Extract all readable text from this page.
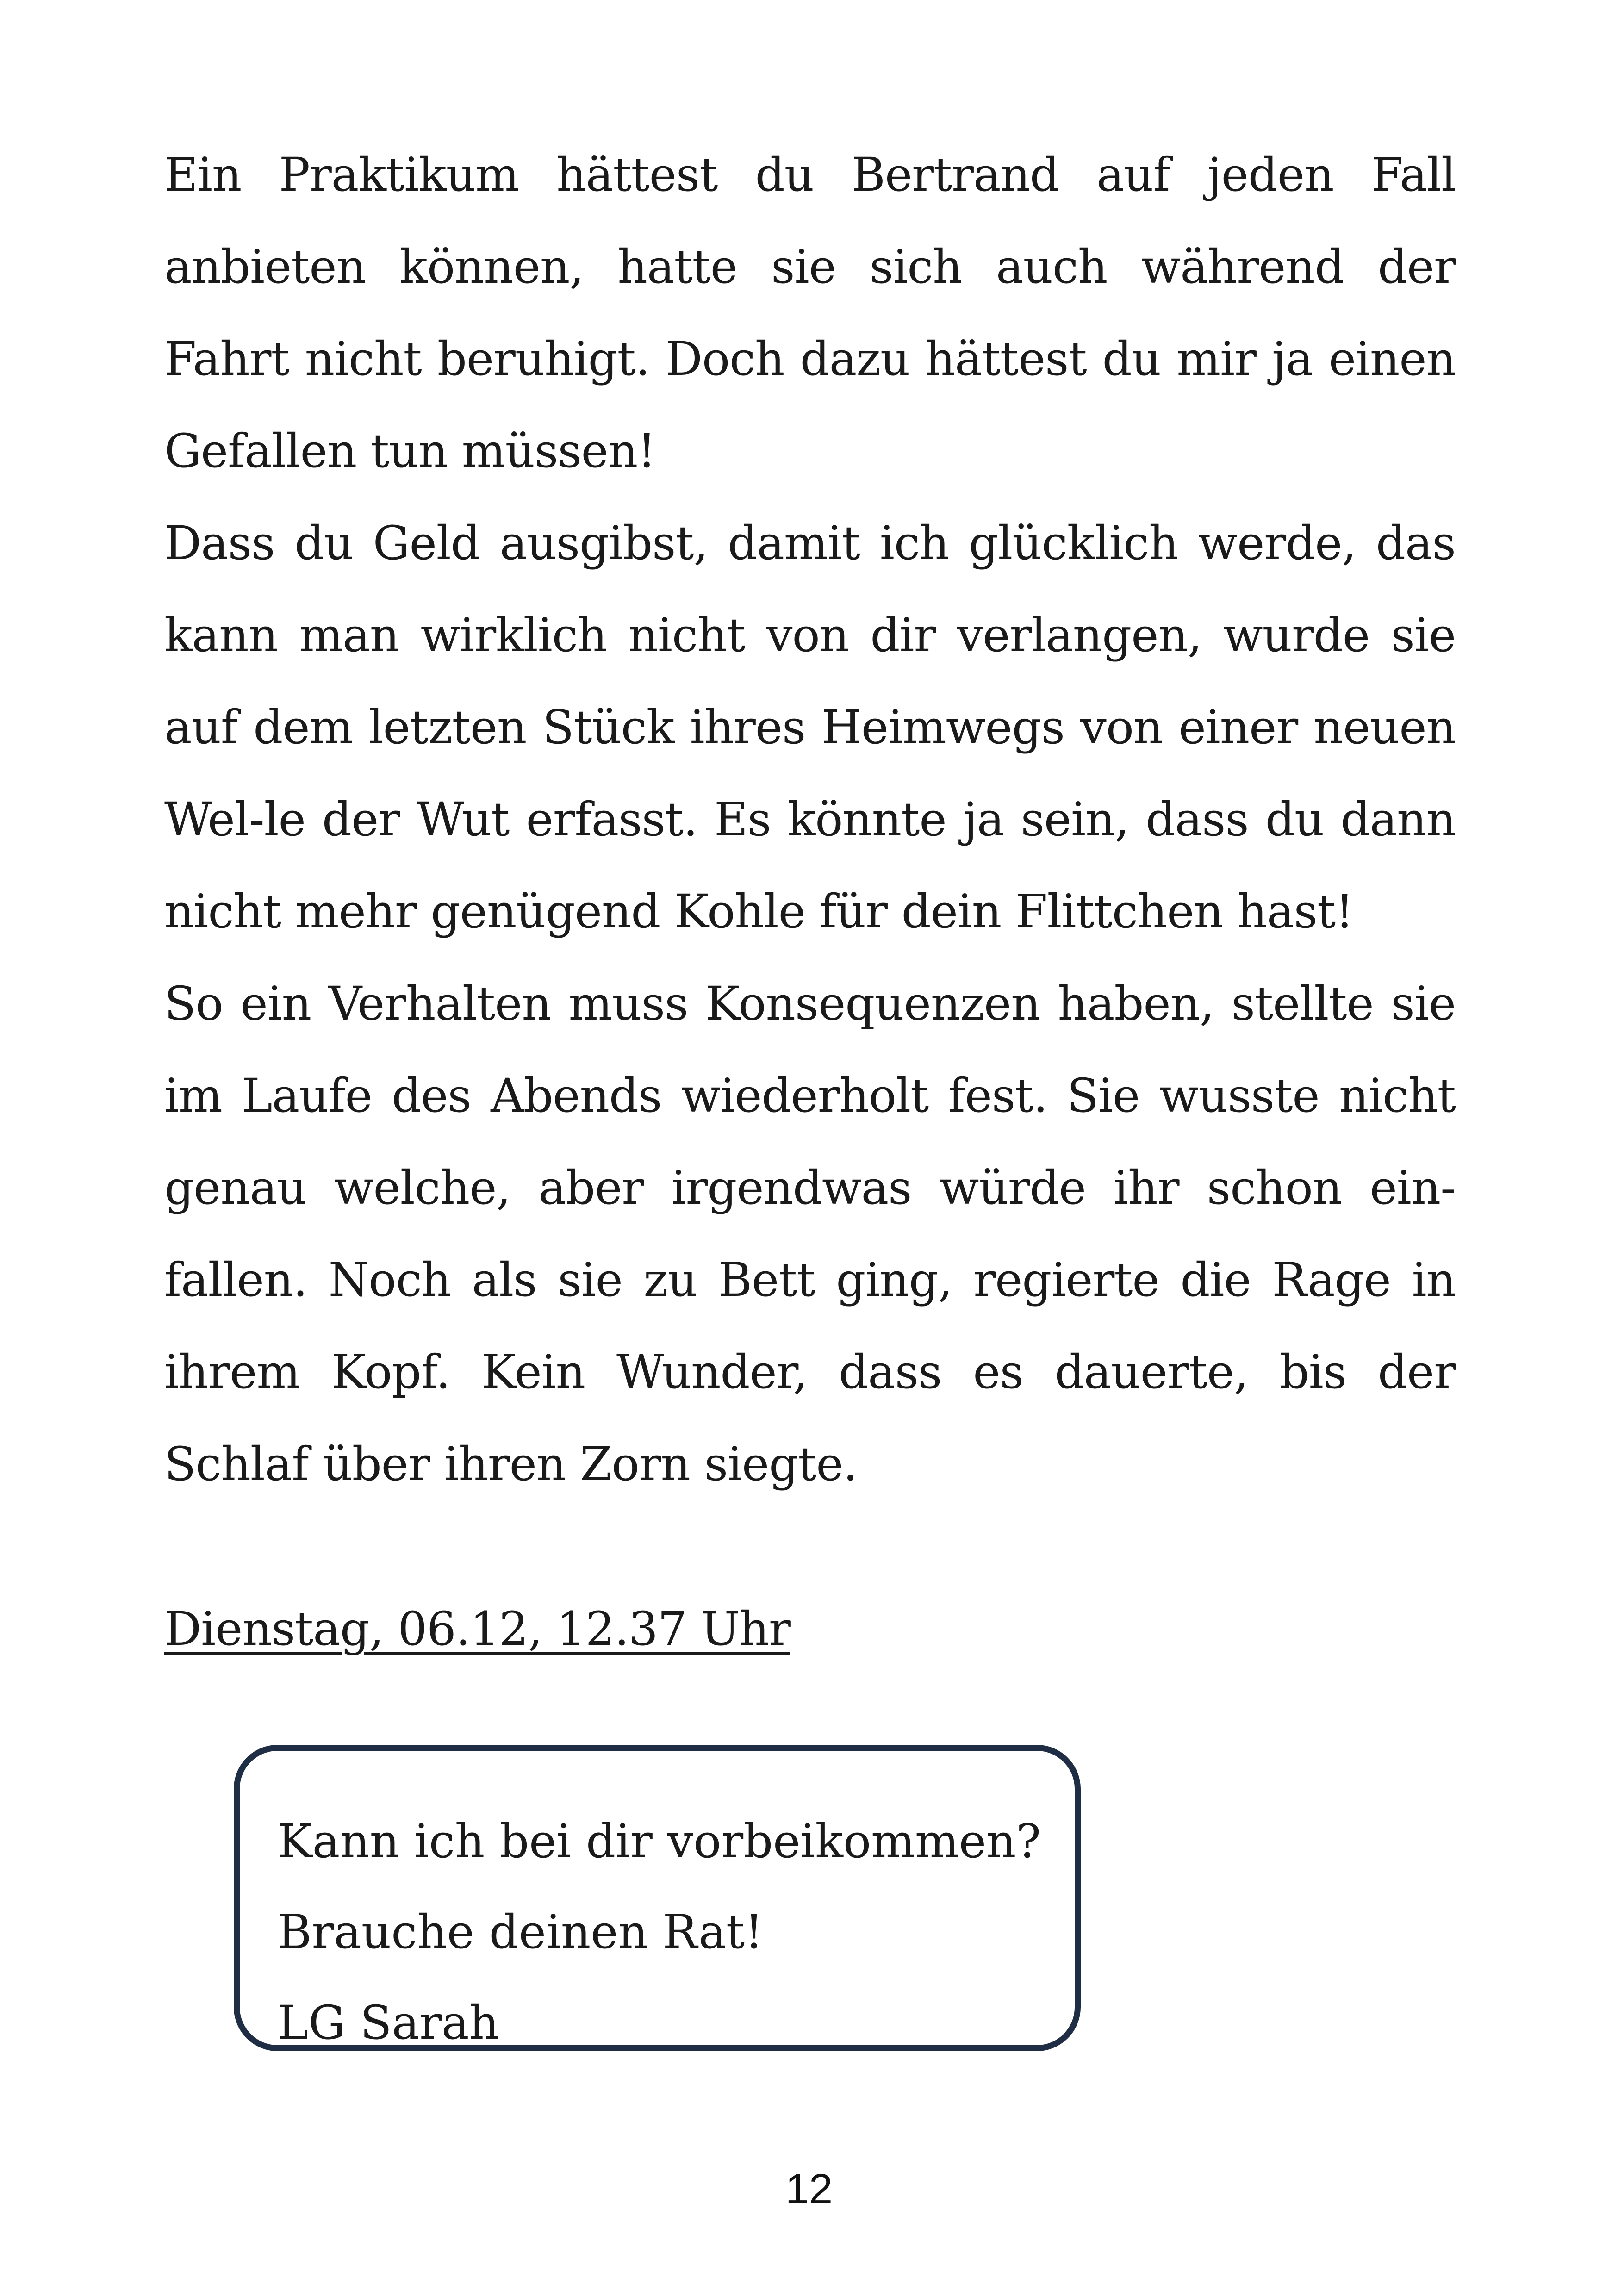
Ein Praktikum hättest du Bertrand auf jeden Fall anbieten können, hatte sie sich auch während der Fahrt nicht beruhigt. Doch dazu hättest du mir ja einen Gefallen tun müssen!

Dass du Geld ausgibst, damit ich glücklich werde, das kann man wirklich nicht von dir verlangen, wurde sie auf dem letzten Stück ihres Heimwegs von einer neuen Wel-le der Wut erfasst. Es könnte ja sein, dass du dann nicht mehr genügend Kohle für dein Flittchen hast!

So ein Verhalten muss Konsequenzen haben, stellte sie im Laufe des Abends wiederholt fest. Sie wusste nicht genau welche, aber irgendwas würde ihr schon ein-fallen. Noch als sie zu Bett ging, regierte die Rage in ihrem Kopf. Kein Wunder, dass es dauerte, bis der Schlaf über ihren Zorn siegte.

Dienstag, 06.12, 12.37 Uhr
Kann ich bei dir vorbeikommen?
Brauche deinen Rat!
LG Sarah
12
